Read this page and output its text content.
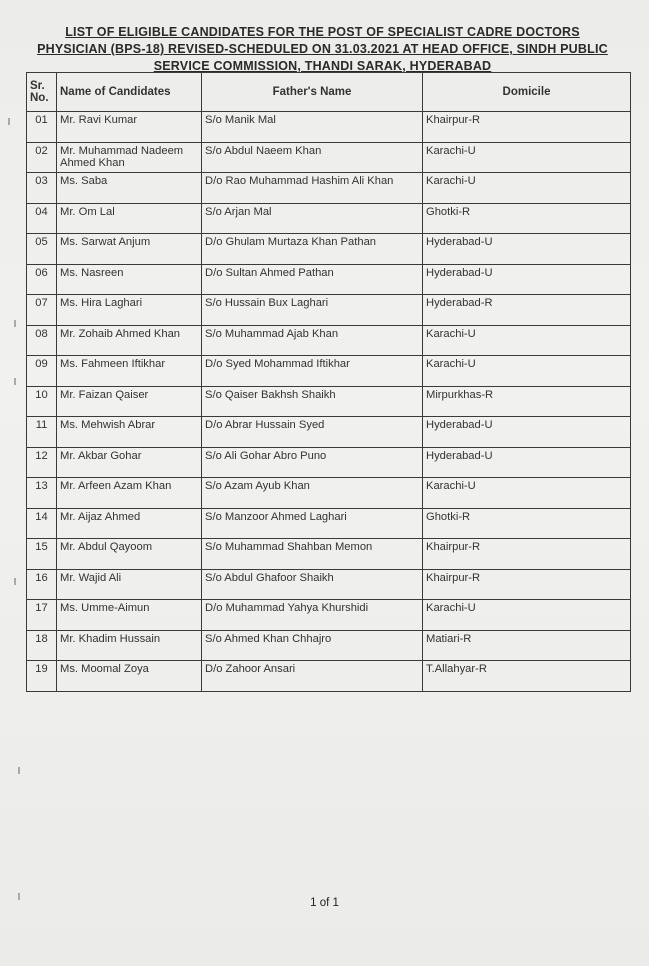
LIST OF ELIGIBLE CANDIDATES FOR THE POST OF SPECIALIST CADRE DOCTORS
PHYSICIAN (BPS-18) REVISED-SCHEDULED ON 31.03.2021 AT HEAD OFFICE, SINDH PUBLIC
SERVICE COMMISSION, THANDI SARAK, HYDERABAD
Sr.
No.	Name of Candidates	Father's Name	Domicile
01	Mr. Ravi Kumar	S/o Manik Mal	Khairpur-R
02	Mr. Muhammad Nadeem Ahmed Khan	S/o Abdul Naeem Khan	Karachi-U
03	Ms. Saba	D/o Rao Muhammad Hashim Ali Khan	Karachi-U
04	Mr. Om Lal	S/o Arjan Mal	Ghotki-R
05	Ms. Sarwat Anjum	D/o Ghulam Murtaza Khan Pathan	Hyderabad-U
06	Ms. Nasreen	D/o Sultan Ahmed Pathan	Hyderabad-U
07	Ms. Hira Laghari	S/o Hussain Bux Laghari	Hyderabad-R
08	Mr. Zohaib Ahmed Khan	S/o Muhammad Ajab Khan	Karachi-U
09	Ms. Fahmeen Iftikhar	D/o Syed Mohammad Iftikhar	Karachi-U
10	Mr. Faizan Qaiser	S/o Qaiser Bakhsh Shaikh	Mirpurkhas-R
11	Ms. Mehwish Abrar	D/o Abrar Hussain Syed	Hyderabad-U
12	Mr. Akbar Gohar	S/o Ali Gohar Abro Puno	Hyderabad-U
13	Mr. Arfeen Azam Khan	S/o Azam Ayub Khan	Karachi-U
14	Mr. Aijaz Ahmed	S/o Manzoor Ahmed Laghari	Ghotki-R
15	Mr. Abdul Qayoom	S/o Muhammad Shahban Memon	Khairpur-R
16	Mr. Wajid Ali	S/o Abdul Ghafoor Shaikh	Khairpur-R
17	Ms. Umme-Aimun	D/o Muhammad Yahya Khurshidi	Karachi-U
18	Mr. Khadim Hussain	S/o Ahmed Khan Chhajro	Matiari-R
19	Ms. Moomal Zoya	D/o Zahoor Ansari	T.Allahyar-R
1 of 1
